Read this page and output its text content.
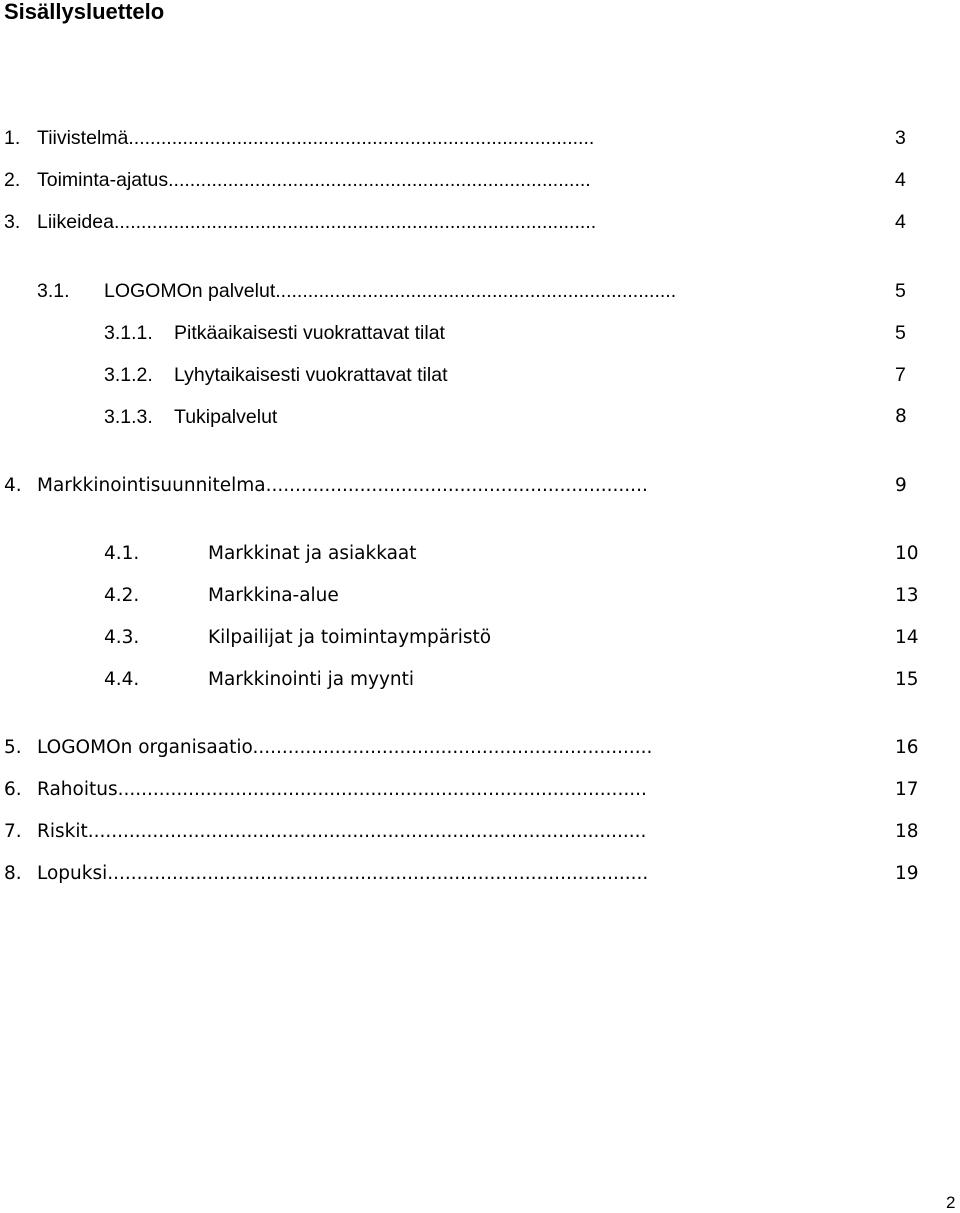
Sisällysluettelo
1. Tiivistelmä......................................................................................	3
2. Toiminta-ajatus..............................................................................	4
3. Liikeidea.........................................................................................	4
3.1. LOGOMOn palvelut..........................................................................	5
3.1.1. Pitkäaikaisesti vuokrattavat tilat	5
3.1.2. Lyhytaikaisesti vuokrattavat tilat	7
3.1.3. Tukipalvelut	8
4. Markkinointisuunnitelma.................................................................	9
4.1.	Markkinat ja asiakkaat	10
4.2.	Markkina-alue	13
4.3.	Kilpailijat ja toimintaympäristö	14
4.4.	Markkinointi ja myynti	15
5. LOGOMOn organisaatio....................................................................	16
6. Rahoitus..........................................................................................	17
7. Riskit...............................................................................................	18
8. Lopuksi............................................................................................	19
2
